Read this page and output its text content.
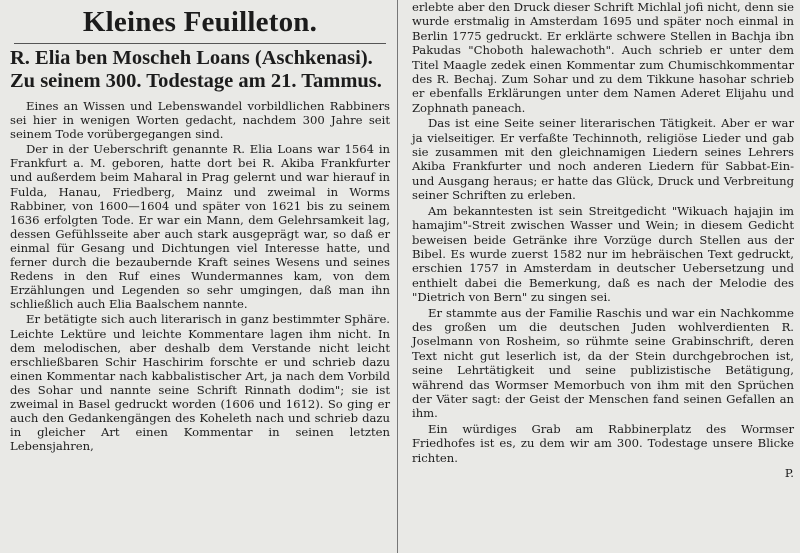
Kleines Feuilleton.
R. Elia ben Moscheh Loans (Aschkenasi). Zu seinem 300. Todestage am 21. Tammus.

Eines an Wissen und Lebenswandel vorbildlichen Rabbiners sei hier in wenigen Worten gedacht, nachdem 300 Jahre seit seinem Tode vorübergegangen sind.

Der in der Ueberschrift genannte R. Elia Loans war 1564 in Frankfurt a. M. geboren, hatte dort bei R. Akiba Frankfurter und außerdem beim Maharal in Prag gelernt und war hierauf in Fulda, Hanau, Friedberg, Mainz und zweimal in Worms Rabbiner, von 1600—1604 und später von 1621 bis zu seinem 1636 erfolgten Tode. Er war ein Mann, dem Gelehrsamkeit lag, dessen Gefühlsseite aber auch stark ausgeprägt war, so daß er einmal für Gesang und Dichtungen viel Interesse hatte, und ferner durch die bezaubernde Kraft seines Wesens und seines Redens in den Ruf eines Wundermannes kam, von dem Erzählungen und Legenden so sehr umgingen, daß man ihn schließlich auch Elia Baalschem nannte.

Er betätigte sich auch literarisch in ganz bestimmter Sphäre. Leichte Lektüre und leichte Kommentare lagen ihm nicht. In dem melodischen, aber deshalb dem Verstande nicht leicht erschließbaren Schir Haschirim forschte er und schrieb dazu einen Kommentar nach kabbalistischer Art, ja nach dem Vorbild des Sohar und nannte seine Schrift Rinnath dodim"; sie ist zweimal in Basel gedruckt worden (1606 und 1612). So ging er auch den Gedankengängen des Koheleth nach und schrieb dazu in gleicher Art einen Kommentar in seinen letzten Lebensjahren,

erlebte aber den Druck dieser Schrift Michlal jofi nicht, denn sie wurde erstmalig in Amsterdam 1695 und später noch einmal in Berlin 1775 gedruckt. Er erklärte schwere Stellen in Bachja ibn Pakudas "Choboth halewachoth". Auch schrieb er unter dem Titel Maagle zedek einen Kommentar zum Chumischkommentar des R. Bechaj. Zum Sohar und zu dem Tikkune hasohar schrieb er ebenfalls Erklärungen unter dem Namen Aderet Elijahu und Zophnath paneach.

Das ist eine Seite seiner literarischen Tätigkeit. Aber er war ja vielseitiger. Er verfaßte Techinnoth, religiöse Lieder und gab sie zusammen mit den gleichnamigen Liedern seines Lehrers Akiba Frankfurter und noch anderen Liedern für Sabbat-Ein- und Ausgang heraus; er hatte das Glück, Druck und Verbreitung seiner Schriften zu erleben.

Am bekanntesten ist sein Streitgedicht "Wikuach hajajin im hamajim"-Streit zwischen Wasser und Wein; in diesem Gedicht beweisen beide Getränke ihre Vorzüge durch Stellen aus der Bibel. Es wurde zuerst 1582 nur im hebräischen Text gedruckt, erschien 1757 in Amsterdam in deutscher Uebersetzung und enthielt dabei die Bemerkung, daß es nach der Melodie des "Dietrich von Bern" zu singen sei.

Er stammte aus der Familie Raschis und war ein Nachkomme des großen um die deutschen Juden wohlverdienten R. Joselmann von Rosheim, so rühmte seine Grabinschrift, deren Text nicht gut leserlich ist, da der Stein durchgebrochen ist, seine Lehrtätigkeit und seine publizistische Betätigung, während das Wormser Memorbuch von ihm mit den Sprüchen der Väter sagt: der Geist der Menschen fand seinen Gefallen an ihm.

Ein würdiges Grab am Rabbinerplatz des Wormser Friedhofes ist es, zu dem wir am 300. Todestage unsere Blicke richten.

P.
